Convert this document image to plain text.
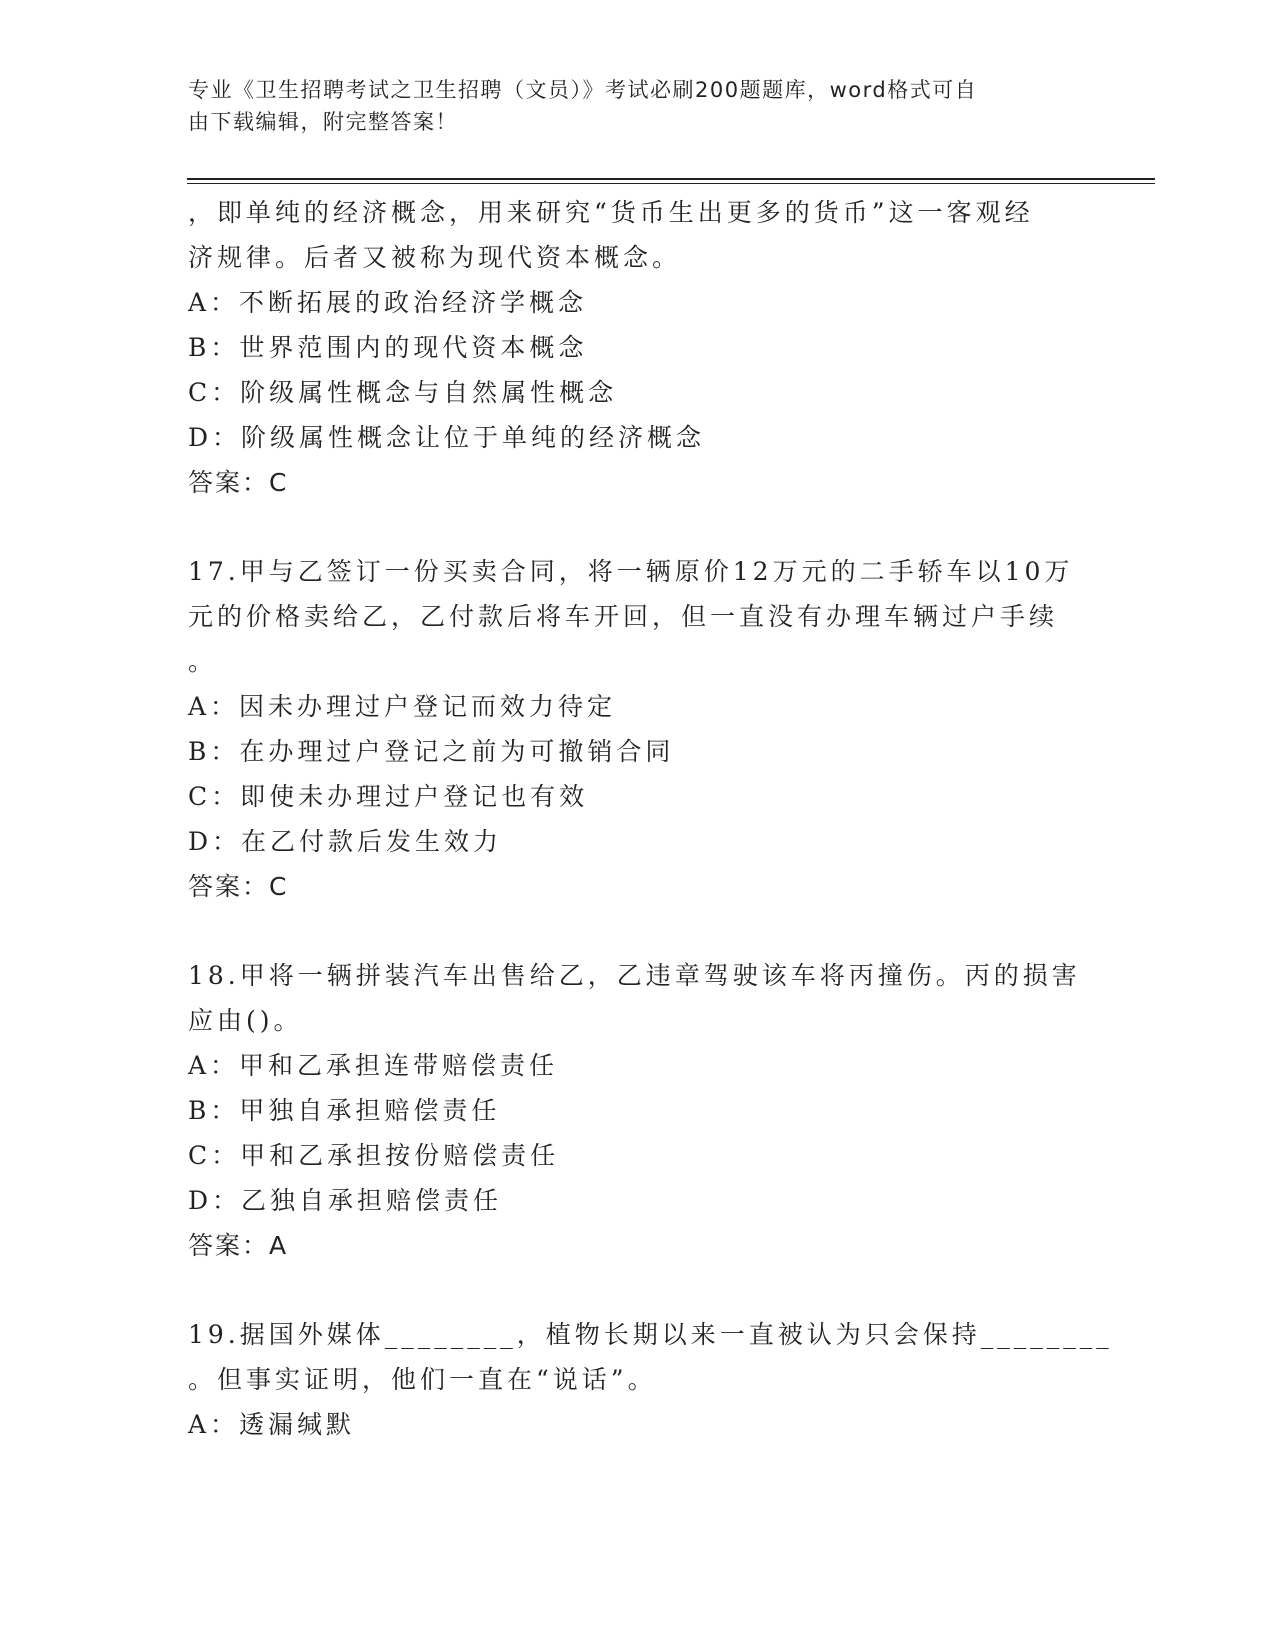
专业《卫生招聘考试之卫生招聘（文员）》考试必刷200题题库，word格式可自
由下载编辑，附完整答案！
，即单纯的经济概念，用来研究“货币生出更多的货币”这一客观经
济规律。后者又被称为现代资本概念。
A：不断拓展的政治经济学概念
B：世界范围内的现代资本概念
C：阶级属性概念与自然属性概念
D：阶级属性概念让位于单纯的经济概念
答案：C
17.甲与乙签订一份买卖合同，将一辆原价12万元的二手轿车以10万
元的价格卖给乙，乙付款后将车开回，但一直没有办理车辆过户手续
。
A：因未办理过户登记而效力待定
B：在办理过户登记之前为可撤销合同
C：即使未办理过户登记也有效
D：在乙付款后发生效力
答案：C
18.甲将一辆拼装汽车出售给乙，乙违章驾驶该车将丙撞伤。丙的损害
应由()。
A：甲和乙承担连带赔偿责任
B：甲独自承担赔偿责任
C：甲和乙承担按份赔偿责任
D：乙独自承担赔偿责任
答案：A
19.据国外媒体________，植物长期以来一直被认为只会保持________
。但事实证明，他们一直在“说话”。
A：透漏缄默
